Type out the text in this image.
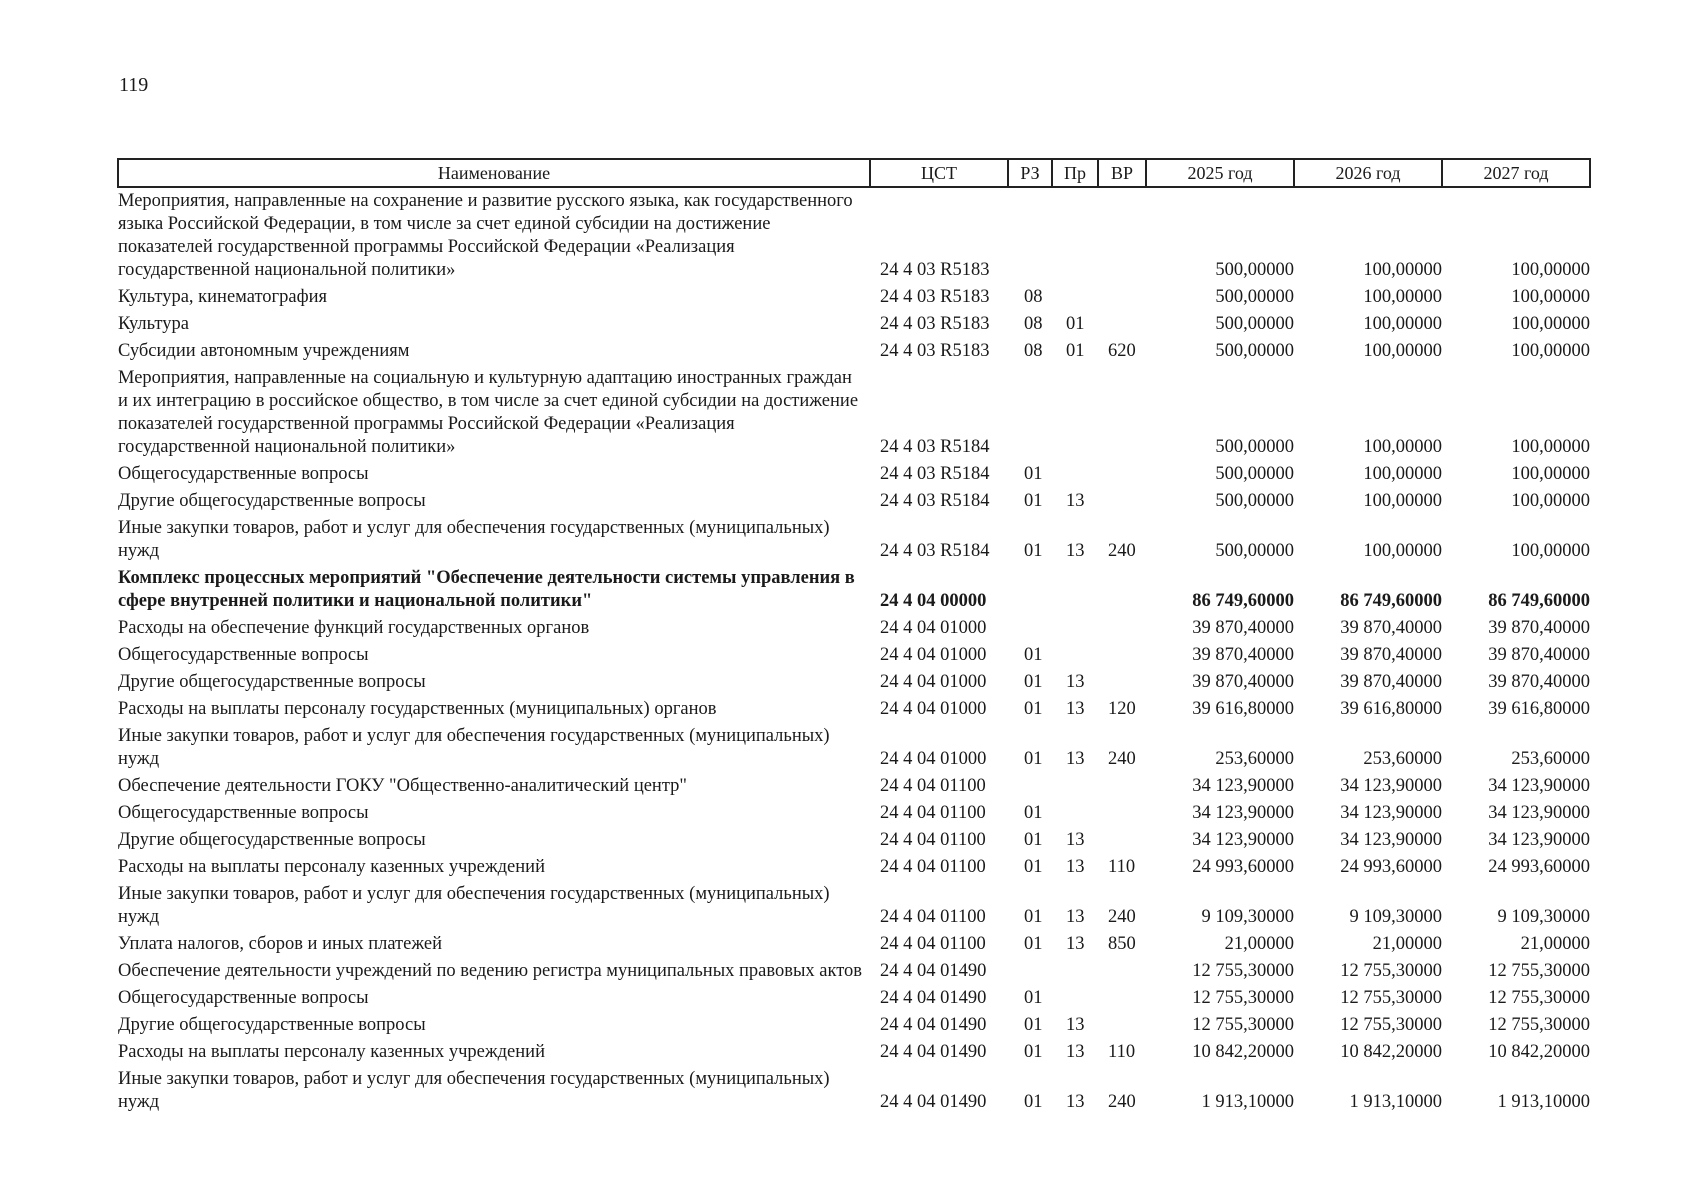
119
Наименование	ЦСТ	РЗ	Пр	ВР	2025 год	2026 год	2027 год
Мероприятия, направленные на сохранение и развитие русского языка, как государственного языка Российской Федерации, в том числе за счет единой субсидии на достижение показателей государственной программы Российской Федерации «Реализация государственной национальной политики»	24 4 03 R5183				500,00000	100,00000	100,00000
Культура, кинематография	24 4 03 R5183	08			500,00000	100,00000	100,00000
Культура	24 4 03 R5183	08	01		500,00000	100,00000	100,00000
Субсидии автономным учреждениям	24 4 03 R5183	08	01	620	500,00000	100,00000	100,00000
Мероприятия, направленные на социальную и культурную адаптацию иностранных граждан и их интеграцию в российское общество, в том числе за счет единой субсидии на достижение показателей государственной программы Российской Федерации «Реализация государственной национальной политики»	24 4 03 R5184				500,00000	100,00000	100,00000
Общегосударственные вопросы	24 4 03 R5184	01			500,00000	100,00000	100,00000
Другие общегосударственные вопросы	24 4 03 R5184	01	13		500,00000	100,00000	100,00000
Иные закупки товаров, работ и услуг для обеспечения государственных (муниципальных) нужд	24 4 03 R5184	01	13	240	500,00000	100,00000	100,00000
Комплекс процессных мероприятий "Обеспечение деятельности системы управления в сфере внутренней политики и национальной политики"	24 4 04 00000				86 749,60000	86 749,60000	86 749,60000
Расходы на обеспечение функций государственных органов	24 4 04 01000				39 870,40000	39 870,40000	39 870,40000
Общегосударственные вопросы	24 4 04 01000	01			39 870,40000	39 870,40000	39 870,40000
Другие общегосударственные вопросы	24 4 04 01000	01	13		39 870,40000	39 870,40000	39 870,40000
Расходы на выплаты персоналу государственных (муниципальных) органов	24 4 04 01000	01	13	120	39 616,80000	39 616,80000	39 616,80000
Иные закупки товаров, работ и услуг для обеспечения государственных (муниципальных) нужд	24 4 04 01000	01	13	240	253,60000	253,60000	253,60000
Обеспечение деятельности ГОКУ "Общественно-аналитический центр"	24 4 04 01100				34 123,90000	34 123,90000	34 123,90000
Общегосударственные вопросы	24 4 04 01100	01			34 123,90000	34 123,90000	34 123,90000
Другие общегосударственные вопросы	24 4 04 01100	01	13		34 123,90000	34 123,90000	34 123,90000
Расходы на выплаты персоналу казенных учреждений	24 4 04 01100	01	13	110	24 993,60000	24 993,60000	24 993,60000
Иные закупки товаров, работ и услуг для обеспечения государственных (муниципальных) нужд	24 4 04 01100	01	13	240	9 109,30000	9 109,30000	9 109,30000
Уплата налогов, сборов и иных платежей	24 4 04 01100	01	13	850	21,00000	21,00000	21,00000
Обеспечение деятельности учреждений по ведению регистра муниципальных правовых актов	24 4 04 01490				12 755,30000	12 755,30000	12 755,30000
Общегосударственные вопросы	24 4 04 01490	01			12 755,30000	12 755,30000	12 755,30000
Другие общегосударственные вопросы	24 4 04 01490	01	13		12 755,30000	12 755,30000	12 755,30000
Расходы на выплаты персоналу казенных учреждений	24 4 04 01490	01	13	110	10 842,20000	10 842,20000	10 842,20000
Иные закупки товаров, работ и услуг для обеспечения государственных (муниципальных) нужд	24 4 04 01490	01	13	240	1 913,10000	1 913,10000	1 913,10000
